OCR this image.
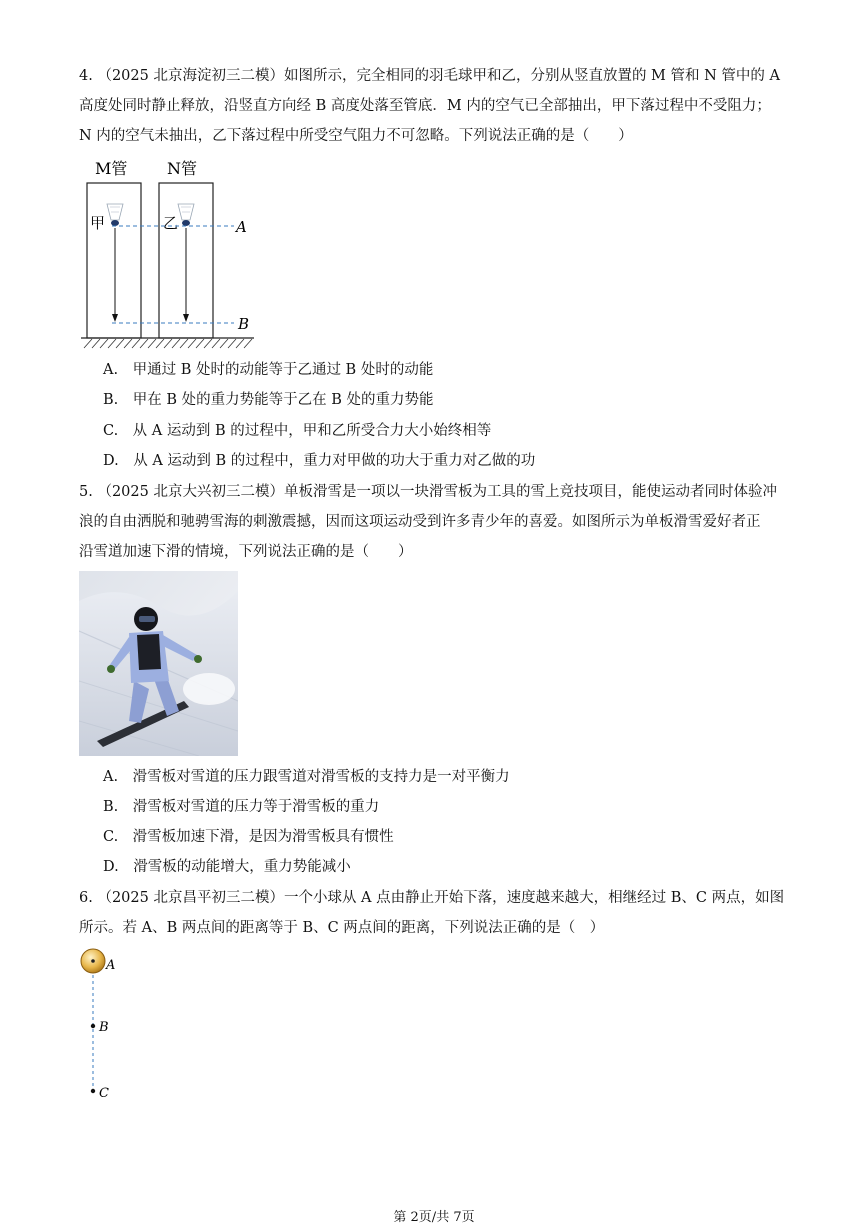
4. （2025 北京海淀初三二模）如图所示，完全相同的羽毛球甲和乙，分别从竖直放置的 M 管和 N 管中的 A
高度处同时静止释放，沿竖直方向经 B 高度处落至管底．M 内的空气已全部抽出，甲下落过程中不受阻力；
N 内的空气未抽出，乙下落过程中所受空气阻力不可忽略。下列说法正确的是（　　）
M管 N管
甲	乙	A
B
A.　甲通过 B 处时的动能等于乙通过 B 处时的动能
B.　甲在 B 处的重力势能等于乙在 B 处的重力势能
C.　从 A 运动到 B 的过程中，甲和乙所受合力大小始终相等
D.　从 A 运动到 B 的过程中，重力对甲做的功大于重力对乙做的功
5. （2025 北京大兴初三二模）单板滑雪是一项以一块滑雪板为工具的雪上竞技项目，能使运动者同时体验冲
浪的自由洒脱和驰骋雪海的刺激震撼，因而这项运动受到许多青少年的喜爱。如图所示为单板滑雪爱好者正
沿雪道加速下滑的情境，下列说法正确的是（　　）
A.　滑雪板对雪道的压力跟雪道对滑雪板的支持力是一对平衡力
B.　滑雪板对雪道的压力等于滑雪板的重力
C.　滑雪板加速下滑，是因为滑雪板具有惯性
D.　滑雪板的动能增大，重力势能减小
6. （2025 北京昌平初三二模）一个小球从 A 点由静止开始下落，速度越来越大，相继经过 B、C 两点，如图
所示。若 A、B 两点间的距离等于 B、C 两点间的距离，下列说法正确的是（　）
A
B
C
第 2页/共 7页
